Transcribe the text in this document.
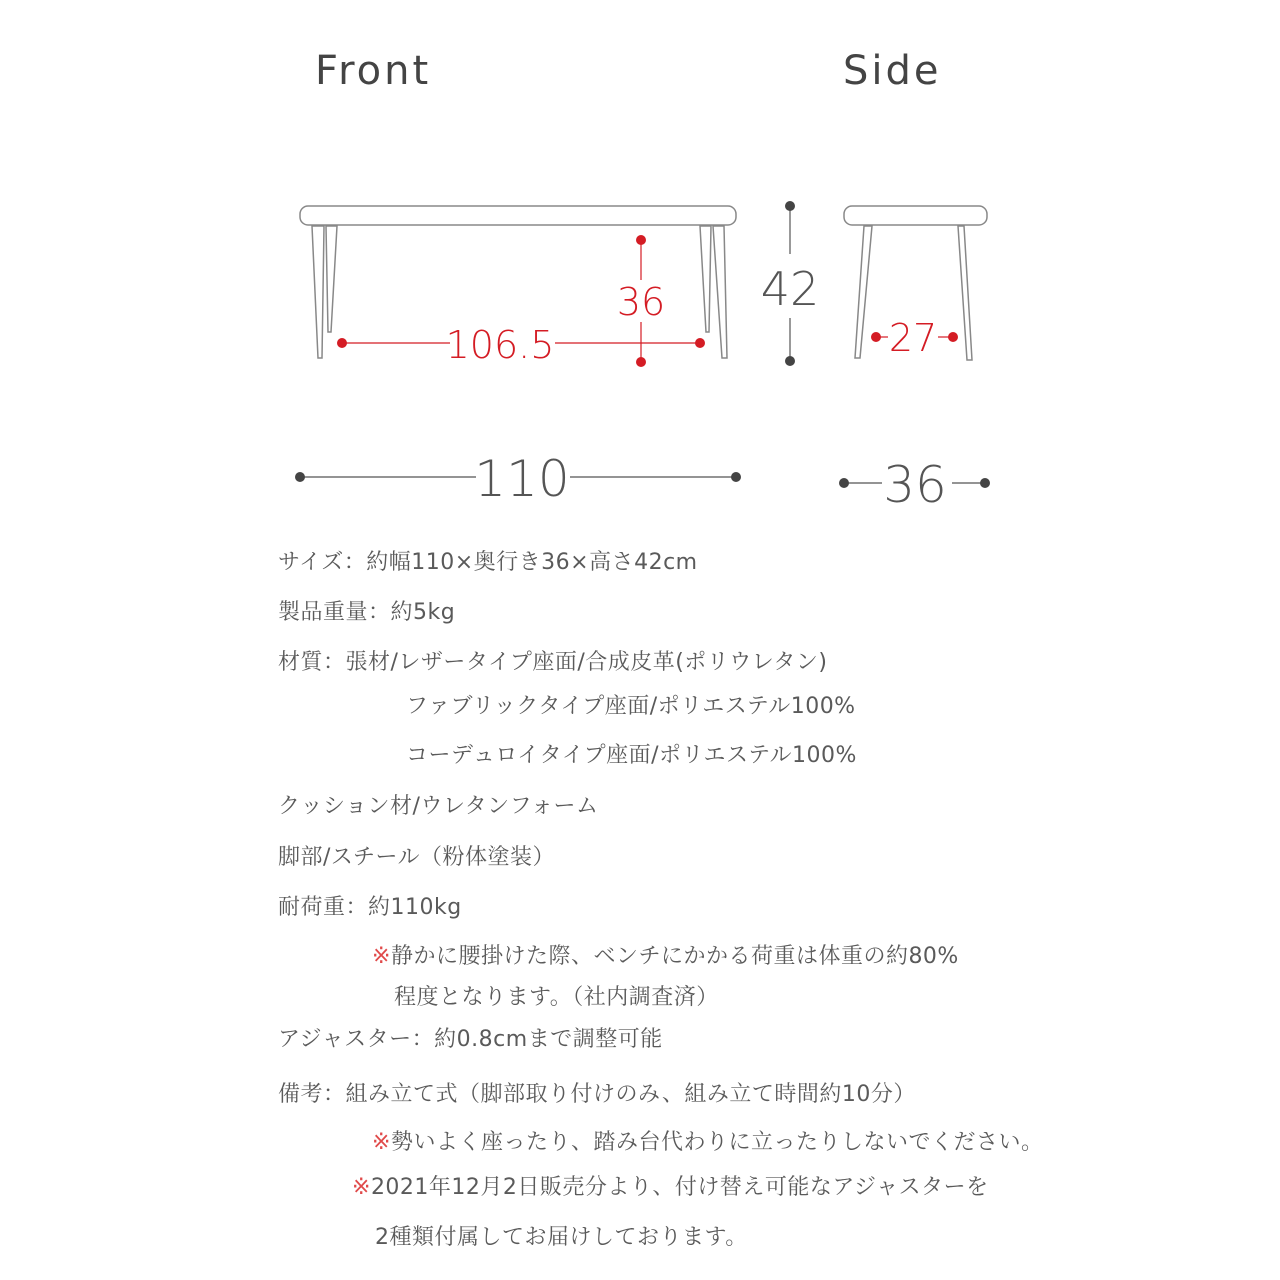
Front	Side
106.5
36 42
27
110	36
サイズ：約幅110×奥行き36×高さ42cm
製品重量：約5kg
材質：張材/レザータイプ座面/合成皮革(ポリウレタン)
ファブリックタイプ座面/ポリエステル100%
コーデュロイタイプ座面/ポリエステル100%
クッション材/ウレタンフォーム
脚部/スチール（粉体塗装）
耐荷重：約110kg
※静かに腰掛けた際、ベンチにかかる荷重は体重の約80%
程度となります。（社内調査済）
アジャスター：約0.8cmまで調整可能
備考：組み立て式（脚部取り付けのみ、組み立て時間約10分）
※勢いよく座ったり、踏み台代わりに立ったりしないでください。
※2021年12月2日販売分より、付け替え可能なアジャスターを
2種類付属してお届けしております。
